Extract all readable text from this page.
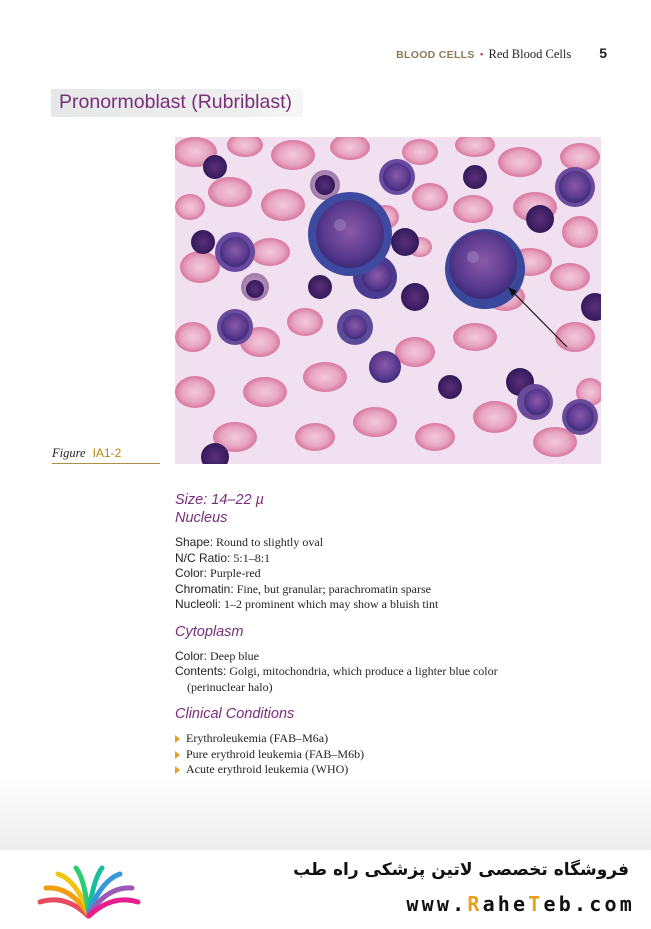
BLOOD CELLS • Red Blood Cells 5
Pronormoblast (Rubriblast)
Figure IA1-2
Size: 14–22 µ
Nucleus
Shape: Round to slightly oval
N/C Ratio: 5:1–8:1
Color: Purple-red
Chromatin: Fine, but granular; parachromatin sparse
Nucleoli: 1–2 prominent which may show a bluish tint
Cytoplasm
Color: Deep blue
Contents: Golgi, mitochondria, which produce a lighter blue color
(perinuclear halo)
Clinical Conditions
Erythroleukemia (FAB–M6a)
Pure erythroid leukemia (FAB–M6b)
Acute erythroid leukemia (WHO)
فروشگاه تخصصی لاتین پزشکی راه طب
www.RaheTeb.com
